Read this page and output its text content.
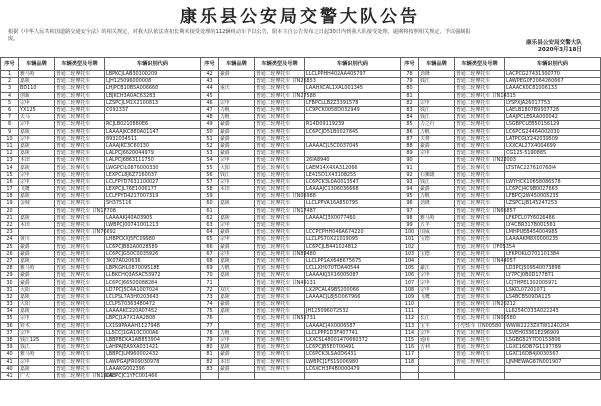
康乐县公安局交警大队公告
根据《中华人民共和国道路交通安全法》的相关规定，对我大队依法查扣长期未接受处理的112辆机动车予以公告，限本主自公告发布之日起30日内到我大队接受处理，逾期将按照相关规定，予以强制报废。
康乐县公安局交警大队
2020年3月18日
序号	车辆品牌	车辆类型及号牌	车辆识别代码	序号	车辆品牌	车辆类型及号牌	车辆识别代码	序号	车辆品牌	车辆类型及号牌	车辆识别代码
1	雅马哈	普通二轮摩托车	LBPKCJLAB30100209	42	豪爵	普通二轮摩托车	LLCLPPHH402AA405797	78	劲隆	普通二轮摩托车	LACPCG27431300770
2	嘉陵	普通二轮摩托车	LJH125096000008	43		普通二轮摩托车 甘N26853		79	钱江	普通二轮摩托车	LAWPEG0F2064260667
3	BD110	普通二轮摩托车	LHJPCB10B5A006660	44	重庆	普通二轮摩托车	LAAHXCAL1XAL001345	80		普通二轮摩托车	LAAACK0C81006133
4	创新	普通二轮摩托车	LBJKCH3A0AC63283	45		普通二轮摩托车 甘N27588		81		普通二轮摩托车 甘N14315	
5	宗申	普通二轮摩托车	LZSPCJLM1X2100813	46	宗申	普通二轮摩托车	LFBPCLLB2Z3391578	82	宗申	普通二轮摩托车	LYSPXJA26017753
6	YX125	普通二轮摩托车	C092337	47	力帆	普通二轮摩托车	LC9PCK0058D032949	83	钱江	普通二轮摩托车	LAELB1807B9307728
7	天马	普通二轮摩托车		48	力帆	普通二轮摩托车		84	钱江	普通二轮摩托车	LAAJPCLE6AA000042
8	宗申	普通二轮摩托车	RCJLB0210880E6	49	豪爵	普通二轮摩托车	R14D09119239	85	力之行	普通二轮摩托车	LSGBPCLEB50156129
9	嘉陵	普通二轮摩托车	LAAAAJKC880A01147	50	豪爵	普通二轮摩托车	LC6PCJD51B0027845	86	力帆	普通二轮摩托车	LC6PCG24464002030
10	宗申	普通二轮摩托车	8931034511	51	豪爵	普通二轮摩托车		87	天将	普通二轮摩托车	LATPCGLY242039509
11	嘉陵	普通二轮摩托车	LAAAJKC3C60130	52	豪爵	普通二轮摩托车	LAAAACJL5C0037045	88	豪爵	普通二轮摩托车	LXXCAL27X4004699
12	嘉陵	普通二轮摩托车	LALPCJ6620044979	53	豪爵	普通二轮摩托车		89	宗申	普通二轮摩托车	CG125-5190885
13	本田	普通二轮摩托车	LALPCJ6863111750	54	宗申	普通二轮摩托车	26IA8940	90		普通二轮摩托车 甘N23003	
14	嘉陵	普通二轮摩托车	LWGPCIL0876000330	55	大阳	普通二轮摩托车	LAEM14X4XA312066	91		普通二轮摩托车	LTSTAC227610760I4
15	宗申	普通二轮摩托车	LEXPCL8J6Z7160037	56	钱江	普通二轮摩托车	LE415D1X43108255	92	石狮雄	普通二轮摩托车	
16	宗申	普通二轮摩托车	LCLFPYD7631100027	57	宗申	普通二轮摩托车	LC6PCK3L0A0013547	93	钱江	普通二轮摩托车	LWYHCK10658086578
17	飞鹰	普通二轮摩托车	LEXPCJL76E1006177	58	本田	普通二轮摩托车	LAAAAJC1306036668	94	豪爵	普通二轮摩托车	LC6PCJ4C9B0027663
18	嘉陵	普通二轮摩托车	LCLFPYD4217007319	59		普通二轮摩托车 甘N06988		95	力帆	普通二轮摩托车	LFBPCJ2W450005235
19	金城	普通二轮摩托车	SH375116	60	嘉陵	普通二轮摩托车	LLCLPPVA16A850795	96	劲隆	普通二轮摩托车	LZSPCLJB145247253
20		普通二轮摩托车 甘N17708		61		普通二轮摩托车 甘N17487		97		普通二轮摩托车 甘N66857	
21	嘉陵	普通二轮摩托车	LAAAAKJ40A03905	62	嘉陵	普通二轮摩托车	LAAAACJ3X0077460	98	雅马哈	普通二轮摩托车	LFKPCL07Y6026466
22	本田	普通二轮摩托车	LWBPCJ00741001213	63	宗申	普通二轮摩托车		99	五羊	普通二轮摩托车	LY4CBR317B001561
23		普通二轮摩托车 甘N76692		64	豪爵	普通二轮摩托车	LCCPCPHH046A674220	100	国威	普通二轮摩托车	LMHPUEB454004985
24	黄川	普通二轮摩托车	LHBPCKXJ5FC09980	65	宗申	普通二轮摩托车	LLCLPS70X21019095	101	宝德	普通二轮摩托车	LAAAAKM8X0000235
25	豪爵	普通二轮摩托车	LC6PCJB82A0028589	66	豪爵	普通二轮摩托车	LC6PCJLB441024812	102		普通二轮摩托车 甘F05354	
26	豪爵	普通二轮摩托车	LC6PCJG50C0035926	67	宗申	普通二轮摩托车 甘N89480		103	宝德	普通二轮摩托车	LFKPOKLO701101384
27	嘉陵	普通二轮摩托车	3K07A020636	68	嘉陵	普通二轮摩托车	LLCLPP1AX648675675	104		普通二轮摩托车 甘N44057	
28	雅马哈	普通二轮摩托车	LBPKGHL087009518E	69	力帆	普通二轮摩托车	LCLLXH070TDA40544	105	豪江	普通二轮摩托车	LD3PCJ509540073898
29	豪爵	普通二轮摩托车	LLBKCHQ3A5AC53972	70	嘉陵	普通二轮摩托车	LAAAAKJ3X16005087	106	宗申	普通二轮摩托车	LY7PCJ0B0D177871
30	豪爵	普通二轮摩托车	LC6PCJ66500088284	71		普通二轮摩托车 甘N49131		107	宗申	普通二轮摩托车	LCJTHPE1302005971
31	大阳	普通二轮摩托车	LD7PCJ5C4A1007024	72	双庆	普通二轮摩托车	LX2PCAL49B5200066	108	宗申	普通二轮摩托车	LSKCL07201071
32	嘉陵	普通二轮摩托车	LCLPSL7A3H0203643	73	嘉陵	普通二轮摩托车	LAAAACJL8J5O067966	109	飞鹰	普通二轮摩托车	LS4BCB509DA115
33	大阳	普通二轮摩托车	LCLPS70363480472	74	豪爵	普通二轮摩托车		110		普通二轮摩托车 甘N20212	
34	嘉陵	普通二轮摩托车	LAAAAKC220A07452	75	嘉陵	普通二轮摩托车	JH125096072532	111		普通二轮摩托车	LL6254C033A022243
35	宗申	普通二轮摩托车	LBPCJ1A7X1AA2808	76		普通二轮摩托车 甘N52731		112	长江	普通二轮摩托车 甘N00580	
36	铃木	普通二轮摩托车	LX1S9PAAAH1127948	77		普通二轮摩托车	LAAAACJ4X0006587	113	宝丰	小型轿车 甘N00580	WWW2223ZXTW1240204
37	宗申	普通二轮摩托车	LL5CCJ1GA10C000A6	78	力帆	普通二轮摩托车	LLCLPPP1D3F407741	114	宗申	普通二轮摩托车	LSVEH03361E296909
38	钱江125	普通二轮摩托车	LBBPBCKA1AB853904	79	宗申	普通二轮摩托车	LXXCSL48001470660372	115	通用	普通二轮摩托车	LSGBG52Y7D0153806
39	钱江	普通二轮摩托车	LAHPAJEA9XA031421	80	嘉陵	普通二轮摩托车	LC6PCJB5E0700491	116	吉利	普通二轮摩托车	LGXC16DB7G1197789
40	雅马哈	普通二轮摩托车	LBBPCJLM960002432	81	豪爵	普通二轮摩托车	LC6PCK3LSA0D6431	117		普通二轮摩托车	LGXC16DB4J0030567
41	宗申	普通二轮摩托车	LAWPGAJFR09030978	82	本田	普通二轮摩托车	LWBPCJ1F51S006980	118		普通二轮摩托车	LJNMEWAG87N001907
40	嘉陵	普通二轮摩托车	LAAAKG002396	83	豪爵	普通二轮摩托车	LC6XCH3P4B0000479				
41	广大	普通二轮摩托车 甘N19063	LAEPCJC1YFC001466								
